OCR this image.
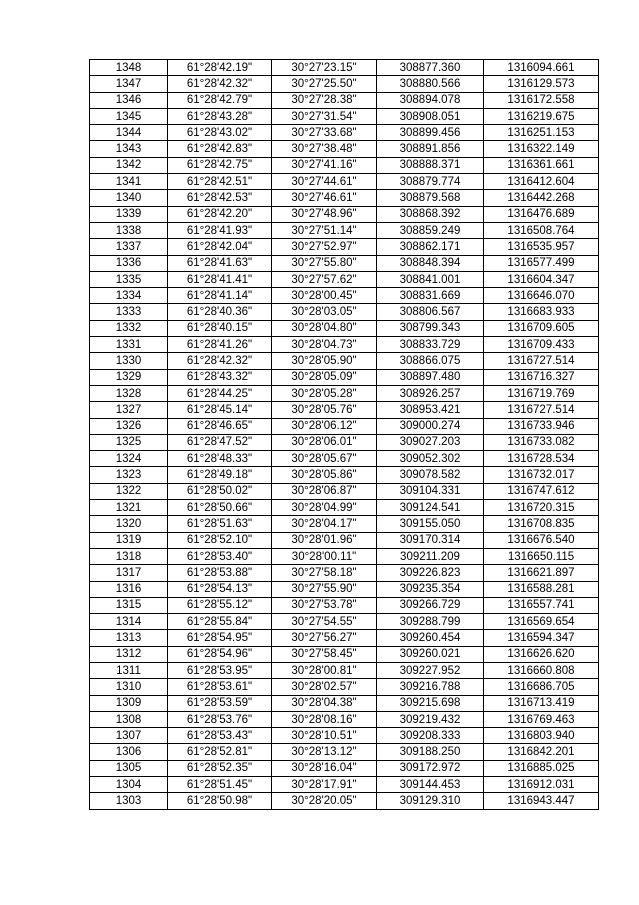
1348	61°28'42.19"	30°27'23.15"	308877.360	1316094.661
1347	61°28'42.32"	30°27'25.50"	308880.566	1316129.573
1346	61°28'42.79"	30°27'28.38"	308894.078	1316172.558
1345	61°28'43.28"	30°27'31.54"	308908.051	1316219.675
1344	61°28'43.02"	30°27'33.68"	308899.456	1316251.153
1343	61°28'42.83"	30°27'38.48"	308891.856	1316322.149
1342	61°28'42.75"	30°27'41.16"	308888.371	1316361.661
1341	61°28'42.51"	30°27'44.61"	308879.774	1316412.604
1340	61°28'42.53"	30°27'46.61"	308879.568	1316442.268
1339	61°28'42.20"	30°27'48.96"	308868.392	1316476.689
1338	61°28'41.93"	30°27'51.14"	308859.249	1316508.764
1337	61°28'42.04"	30°27'52.97"	308862.171	1316535.957
1336	61°28'41.63"	30°27'55.80"	308848.394	1316577.499
1335	61°28'41.41"	30°27'57.62"	308841.001	1316604.347
1334	61°28'41.14"	30°28'00.45"	308831.669	1316646.070
1333	61°28'40.36"	30°28'03.05"	308806.567	1316683.933
1332	61°28'40.15"	30°28'04.80"	308799.343	1316709.605
1331	61°28'41.26"	30°28'04.73"	308833.729	1316709.433
1330	61°28'42.32"	30°28'05.90"	308866.075	1316727.514
1329	61°28'43.32"	30°28'05.09"	308897.480	1316716.327
1328	61°28'44.25"	30°28'05.28"	308926.257	1316719.769
1327	61°28'45.14"	30°28'05.76"	308953.421	1316727.514
1326	61°28'46.65"	30°28'06.12"	309000.274	1316733.946
1325	61°28'47.52"	30°28'06.01"	309027.203	1316733.082
1324	61°28'48.33"	30°28'05.67"	309052.302	1316728.534
1323	61°28'49.18"	30°28'05.86"	309078.582	1316732.017
1322	61°28'50.02"	30°28'06.87"	309104.331	1316747.612
1321	61°28'50.66"	30°28'04.99"	309124.541	1316720.315
1320	61°28'51.63"	30°28'04.17"	309155.050	1316708.835
1319	61°28'52.10"	30°28'01.96"	309170.314	1316676.540
1318	61°28'53.40"	30°28'00.11"	309211.209	1316650.115
1317	61°28'53.88"	30°27'58.18"	309226.823	1316621.897
1316	61°28'54.13"	30°27'55.90"	309235.354	1316588.281
1315	61°28'55.12"	30°27'53.78"	309266.729	1316557.741
1314	61°28'55.84"	30°27'54.55"	309288.799	1316569.654
1313	61°28'54.95"	30°27'56.27"	309260.454	1316594.347
1312	61°28'54.96"	30°27'58.45"	309260.021	1316626.620
1311	61°28'53.95"	30°28'00.81"	309227.952	1316660.808
1310	61°28'53.61"	30°28'02.57"	309216.788	1316686.705
1309	61°28'53.59"	30°28'04.38"	309215.698	1316713.419
1308	61°28'53.76"	30°28'08.16"	309219.432	1316769.463
1307	61°28'53.43"	30°28'10.51"	309208.333	1316803.940
1306	61°28'52.81"	30°28'13.12"	309188.250	1316842.201
1305	61°28'52.35"	30°28'16.04"	309172.972	1316885.025
1304	61°28'51.45"	30°28'17.91"	309144.453	1316912.031
1303	61°28'50.98"	30°28'20.05"	309129.310	1316943.447
